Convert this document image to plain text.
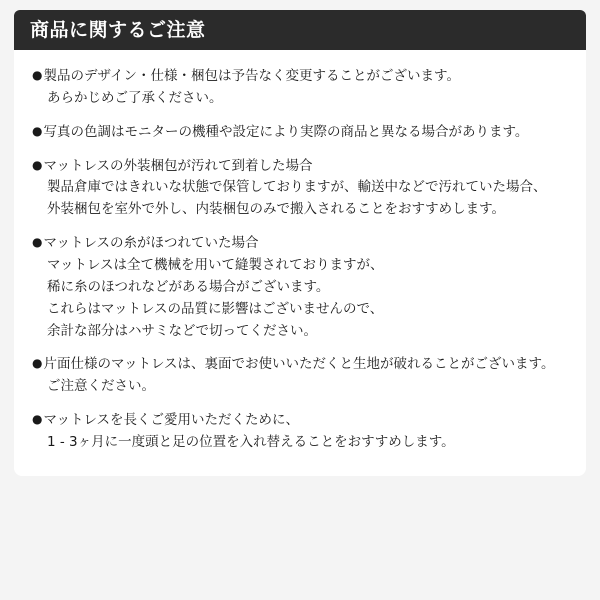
商品に関するご注意
●製品のデザイン・仕様・梱包は予告なく変更することがございます。
あらかじめご了承ください。
●写真の色調はモニターの機種や設定により実際の商品と異なる場合があります。
●マットレスの外装梱包が汚れて到着した場合
製品倉庫ではきれいな状態で保管しておりますが、輸送中などで汚れていた場合、
外装梱包を室外で外し、内装梱包のみで搬入されることをおすすめします。
●マットレスの糸がほつれていた場合
マットレスは全て機械を用いて縫製されておりますが、
稀に糸のほつれなどがある場合がございます。
これらはマットレスの品質に影響はございませんので、
余計な部分はハサミなどで切ってください。
●片面仕様のマットレスは、裏面でお使いいただくと生地が破れることがございます。
ご注意ください。
●マットレスを長くご愛用いただくために、
1 - 3ヶ月に一度頭と足の位置を入れ替えることをおすすめします。
